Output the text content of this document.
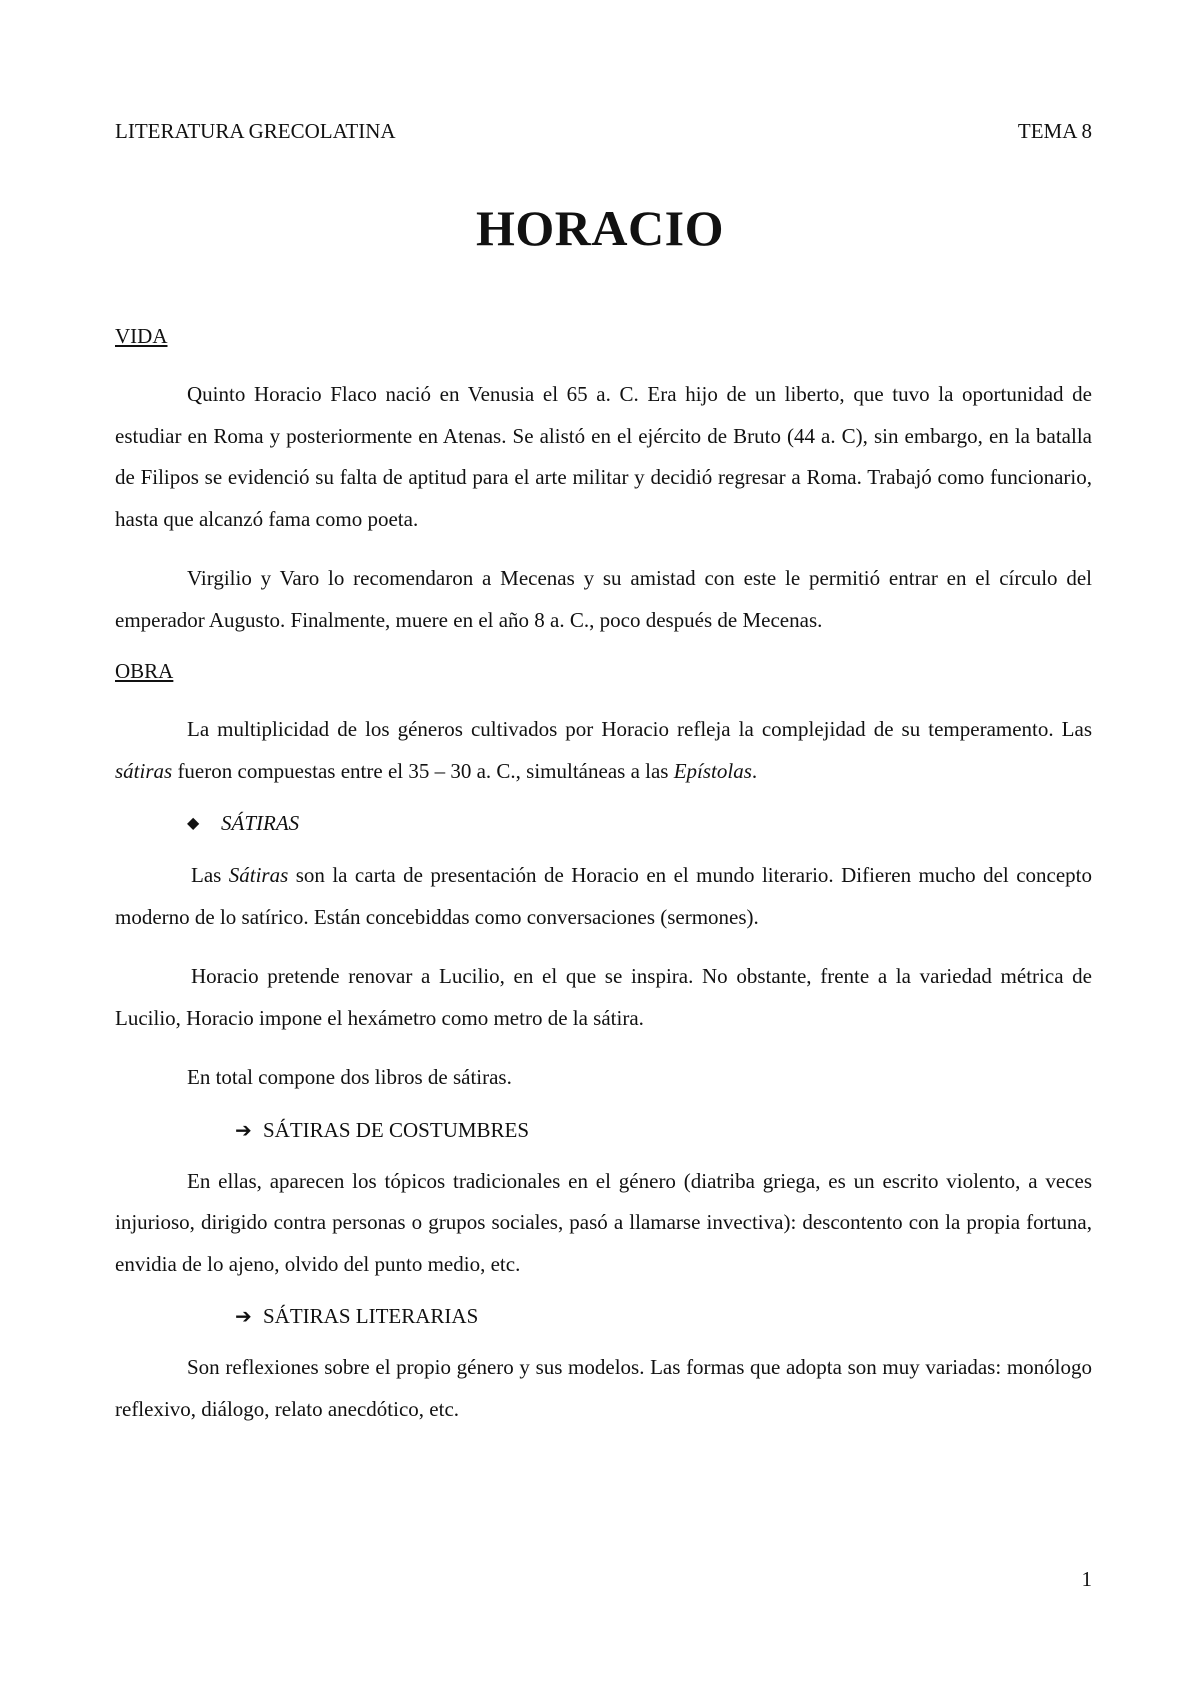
LITERATURA GRECOLATINA	TEMA 8
HORACIO

VIDA

Quinto Horacio Flaco nació en Venusia el 65 a. C. Era hijo de un liberto, que tuvo la oportunidad de estudiar en Roma y posteriormente en Atenas. Se alistó en el ejército de Bruto (44 a. C), sin embargo, en la batalla de Filipos se evidenció su falta de aptitud para el arte militar y decidió regresar a Roma. Trabajó como funcionario, hasta que alcanzó fama como poeta.

Virgilio y Varo lo recomendaron a Mecenas y su amistad con este le permitió entrar en el círculo del emperador Augusto. Finalmente, muere en el año 8 a. C., poco después de Mecenas.

OBRA

La multiplicidad de los géneros cultivados por Horacio refleja la complejidad de su temperamento. Las sátiras fueron compuestas entre el 35 – 30 a. C., simultáneas a las Epístolas.

◆ SÁTIRAS

Las Sátiras son la carta de presentación de Horacio en el mundo literario. Difieren mucho del concepto moderno de lo satírico. Están concebiddas como conversaciones (sermones).

Horacio pretende renovar a Lucilio, en el que se inspira. No obstante, frente a la variedad métrica de Lucilio, Horacio impone el hexámetro como metro de la sátira.

En total compone dos libros de sátiras.

➔ SÁTIRAS DE COSTUMBRES

En ellas, aparecen los tópicos tradicionales en el género (diatriba griega, es un escrito violento, a veces injurioso, dirigido contra personas o grupos sociales, pasó a llamarse invectiva): descontento con la propia fortuna, envidia de lo ajeno, olvido del punto medio, etc.

➔ SÁTIRAS LITERARIAS

Son reflexiones sobre el propio género y sus modelos. Las formas que adopta son muy variadas: monólogo reflexivo, diálogo, relato anecdótico, etc.

1
